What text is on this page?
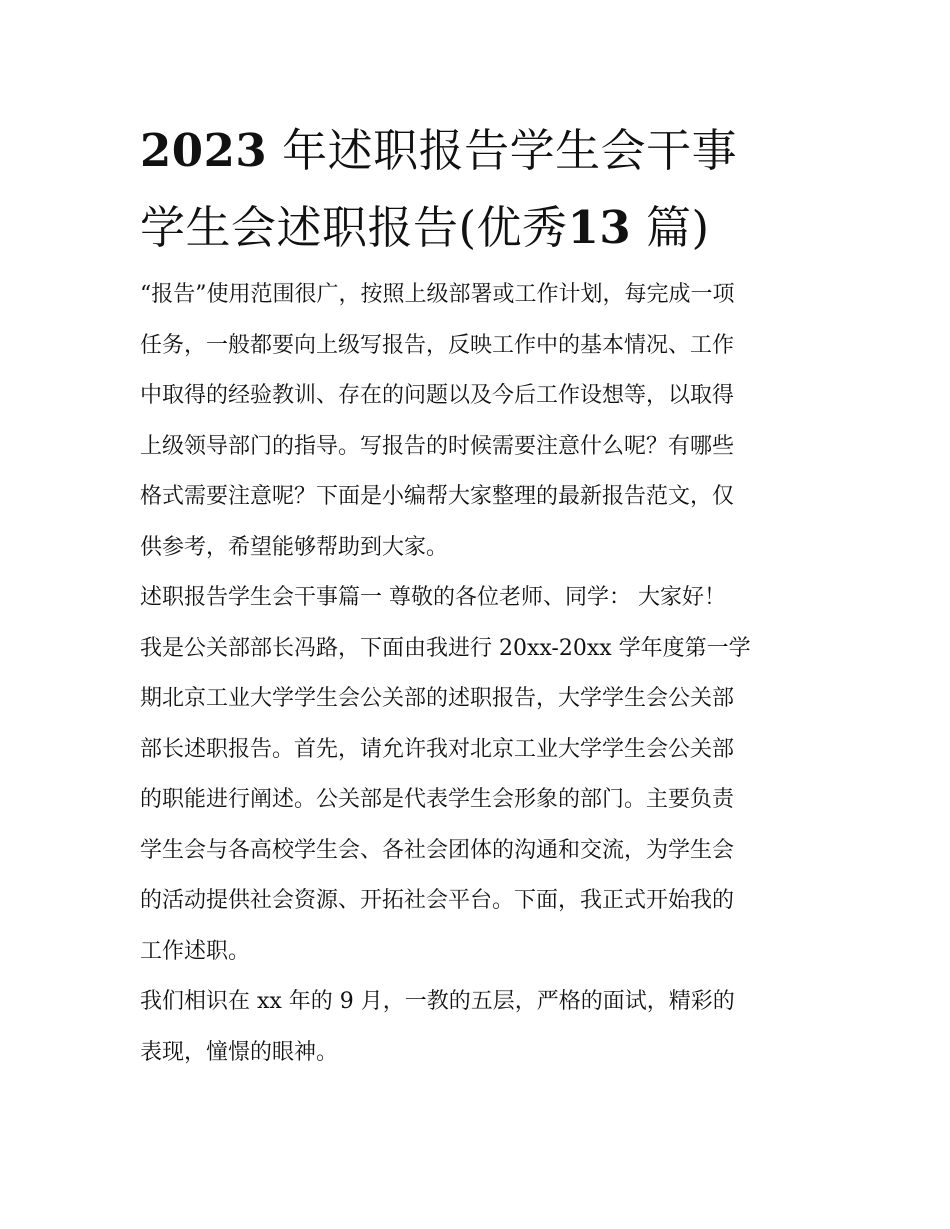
2023 年述职报告学生会干事
学生会述职报告(优秀13 篇)

“报告”使用范围很广，按照上级部署或工作计划，每完成一项
任务，一般都要向上级写报告，反映工作中的基本情况、工作
中取得的经验教训、存在的问题以及今后工作设想等，以取得
上级领导部门的指导。写报告的时候需要注意什么呢？有哪些
格式需要注意呢？下面是小编帮大家整理的最新报告范文，仅
供参考，希望能够帮助到大家。

述职报告学生会干事篇一 尊敬的各位老师、同学： 大家好！

我是公关部部长冯路，下面由我进行 20xx-20xx 学年度第一学
期北京工业大学学生会公关部的述职报告，大学学生会公关部
部长述职报告。首先，请允许我对北京工业大学学生会公关部
的职能进行阐述。公关部是代表学生会形象的部门。主要负责
学生会与各高校学生会、各社会团体的沟通和交流，为学生会
的活动提供社会资源、开拓社会平台。下面，我正式开始我的
工作述职。

我们相识在 xx 年的 9 月，一教的五层，严格的面试，精彩的
表现，憧憬的眼神。
